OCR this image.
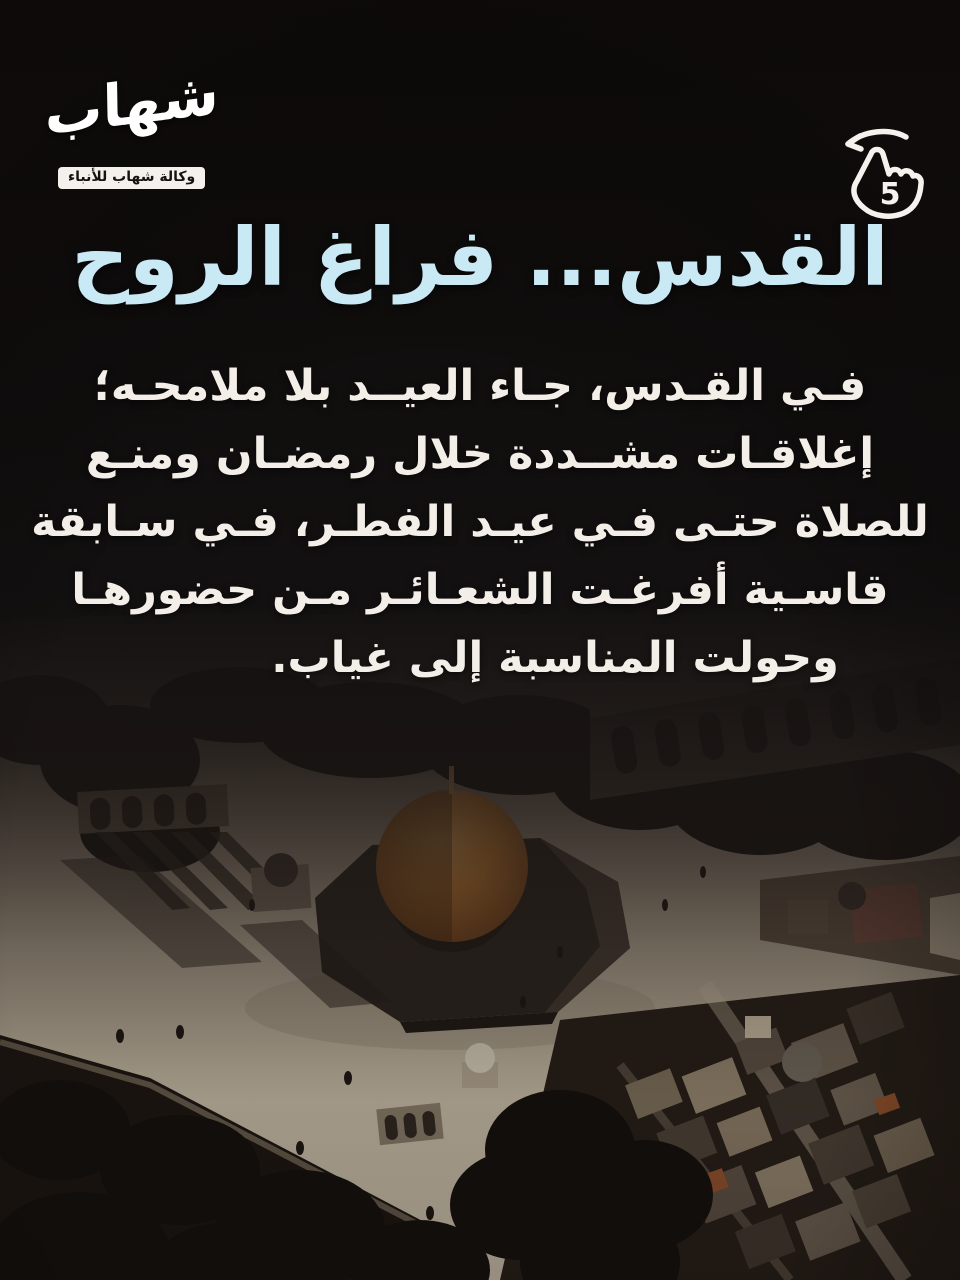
شهاب
وكالة شهاب للأنباء	5
القدس... فراغ الروح
فـي القـدس، جـاء العيــد بلا ملامحـه؛
إغلاقـات مشــددة خلال رمضـان ومنـع
للصلاة حتـى فـي عيـد الفطـر، فـي سـابقة
قاسـية أفرغـت الشعـائـر مـن حضورهـا
وحولت المناسبة إلى غياب.
